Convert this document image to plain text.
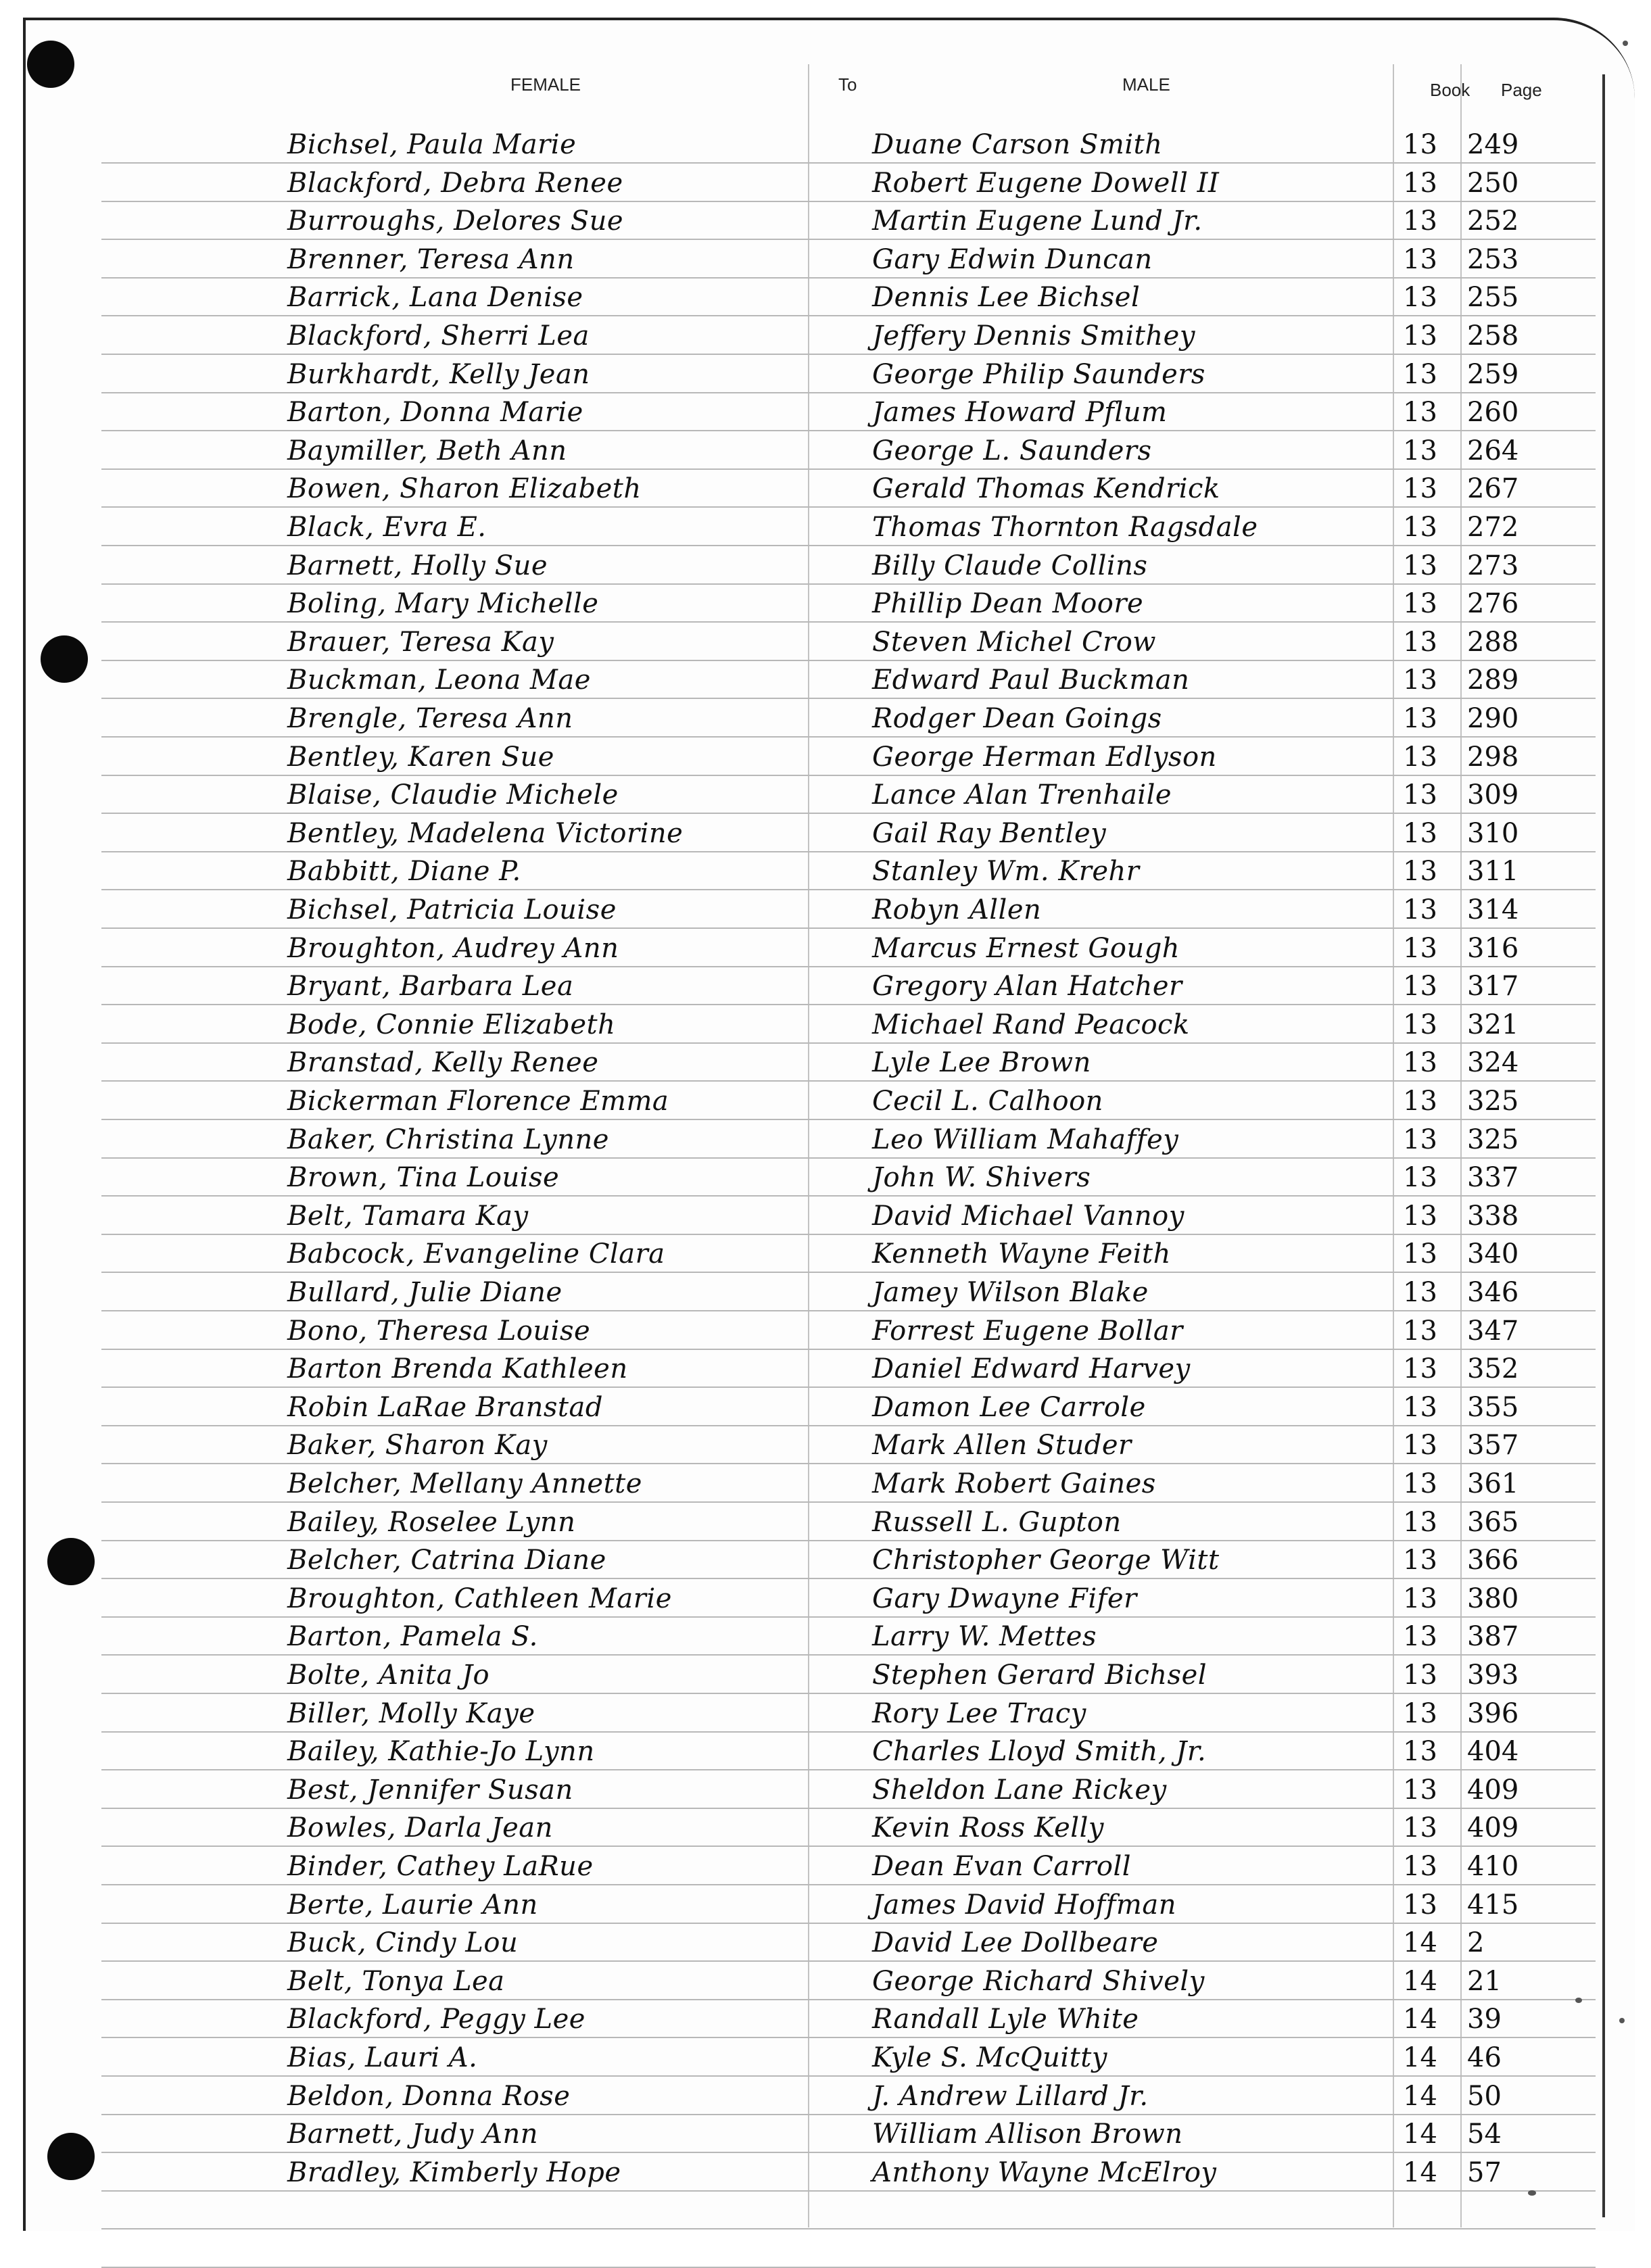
FEMALE	To	MALE	Book Page
Bichsel, Paula Marie	Duane Carson Smith	13 249
Blackford, Debra Renee	Robert Eugene Dowell II	13 250
Burroughs, Delores Sue	Martin Eugene Lund Jr.	13 252
Brenner, Teresa Ann	Gary Edwin Duncan	13 253
Barrick, Lana Denise	Dennis Lee Bichsel	13 255
Blackford, Sherri Lea	Jeffery Dennis Smithey	13 258
Burkhardt, Kelly Jean	George Philip Saunders	13 259
Barton, Donna Marie	James Howard Pflum	13 260
Baymiller, Beth Ann	George L. Saunders	13 264
Bowen, Sharon Elizabeth	Gerald Thomas Kendrick	13 267
Black, Evra E.	Thomas Thornton Ragsdale	13 272
Barnett, Holly Sue	Billy Claude Collins	13 273
Boling, Mary Michelle	Phillip Dean Moore	13 276
Brauer, Teresa Kay	Steven Michel Crow	13 288
Buckman, Leona Mae	Edward Paul Buckman	13 289
Brengle, Teresa Ann	Rodger Dean Goings	13 290
Bentley, Karen Sue	George Herman Edlyson	13 298
Blaise, Claudie Michele	Lance Alan Trenhaile	13 309
Bentley, Madelena Victorine	Gail Ray Bentley	13 310
Babbitt, Diane P.	Stanley Wm. Krehr	13 311
Bichsel, Patricia Louise	Robyn Allen	13 314
Broughton, Audrey Ann	Marcus Ernest Gough	13 316
Bryant, Barbara Lea	Gregory Alan Hatcher	13 317
Bode, Connie Elizabeth	Michael Rand Peacock	13 321
Branstad, Kelly Renee	Lyle Lee Brown	13 324
Bickerman Florence Emma	Cecil L. Calhoon	13 325
Baker, Christina Lynne	Leo William Mahaffey	13 325
Brown, Tina Louise	John W. Shivers	13 337
Belt, Tamara Kay	David Michael Vannoy	13 338
Babcock, Evangeline Clara	Kenneth Wayne Feith	13 340
Bullard, Julie Diane	Jamey Wilson Blake	13 346
Bono, Theresa Louise	Forrest Eugene Bollar	13 347
Barton Brenda Kathleen	Daniel Edward Harvey	13 352
Robin LaRae Branstad	Damon Lee Carrole	13 355
Baker, Sharon Kay	Mark Allen Studer	13 357
Belcher, Mellany Annette	Mark Robert Gaines	13 361
Bailey, Roselee Lynn	Russell L. Gupton	13 365
Belcher, Catrina Diane	Christopher George Witt	13 366
Broughton, Cathleen Marie	Gary Dwayne Fifer	13 380
Barton, Pamela S.	Larry W. Mettes	13 387
Bolte, Anita Jo	Stephen Gerard Bichsel	13 393
Biller, Molly Kaye	Rory Lee Tracy	13 396
Bailey, Kathie-Jo Lynn	Charles Lloyd Smith, Jr.	13 404
Best, Jennifer Susan	Sheldon Lane Rickey	13 409
Bowles, Darla Jean	Kevin Ross Kelly	13 409
Binder, Cathey LaRue	Dean Evan Carroll	13 410
Berte, Laurie Ann	James David Hoffman	13 415
Buck, Cindy Lou	David Lee Dollbeare	14 2
Belt, Tonya Lea	George Richard Shively	14 21
Blackford, Peggy Lee	Randall Lyle White	14 39
Bias, Lauri A.	Kyle S. McQuitty	14 46
Beldon, Donna Rose	J. Andrew Lillard Jr.	14 50
Barnett, Judy Ann	William Allison Brown	14 54
Bradley, Kimberly Hope	Anthony Wayne McElroy	14 57
